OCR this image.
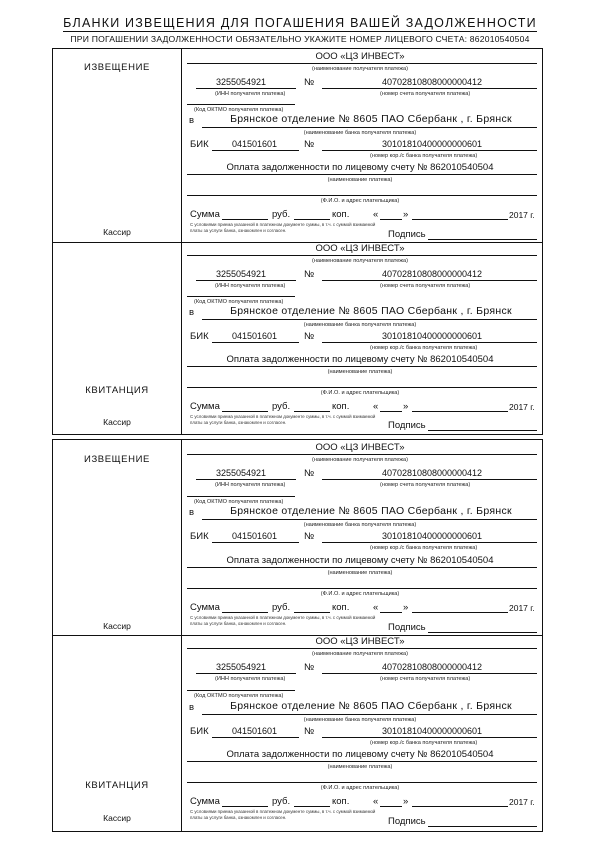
БЛАНКИ ИЗВЕЩЕНИЯ ДЛЯ ПОГАШЕНИЯ ВАШЕЙ ЗАДОЛЖЕННОСТИ
ПРИ ПОГАШЕНИИ ЗАДОЛЖЕННОСТИ ОБЯЗАТЕЛЬНО УКАЖИТЕ НОМЕР ЛИЦЕВОГО СЧЕТА: 862010540504
ИЗВЕЩЕНИЕ
Кассир
ООО «ЦЗ ИНВЕСТ»
(наименование получателя платежа)
3255054921	№	40702810808000000412
(ИНН получателя платежа)	(номер счета получателя платежа)
(Код ОКТМО получателя платежа)
в	Брянское отделение № 8605 ПАО Сбербанк , г. Брянск
(наименование банка получателя платежа)
БИК	041501601	№	30101810400000000601
(номер кор./с банка получателя платежа)
Оплата задолженности по лицевому счету № 862010540504
(наименование платежа)
(Ф.И.О. и адрес плательщика)
Сумма	руб.	коп. «	»	2017 г.
С условиями приема указанной в платежном документе суммы, в т.ч. с суммой взимаемой платы за услуги банка, ознакомлен и согласен.	Подпись
КВИТАНЦИЯ
Кассир
ООО «ЦЗ ИНВЕСТ»
(наименование получателя платежа)
3255054921	№	40702810808000000412
(ИНН получателя платежа)	(номер счета получателя платежа)
(Код ОКТМО получателя платежа)
в	Брянское отделение № 8605 ПАО Сбербанк , г. Брянск
(наименование банка получателя платежа)
БИК	041501601	№	30101810400000000601
(номер кор./с банка получателя платежа)
Оплата задолженности по лицевому счету № 862010540504
(наименование платежа)
(Ф.И.О. и адрес плательщика)
Сумма	руб.	коп. «	»	2017 г.
С условиями приема указанной в платежном документе суммы, в т.ч. с суммой взимаемой платы за услуги банка, ознакомлен и согласен.	Подпись
ИЗВЕЩЕНИЕ
Кассир
ООО «ЦЗ ИНВЕСТ»
(наименование получателя платежа)
3255054921	№	40702810808000000412
(ИНН получателя платежа)	(номер счета получателя платежа)
(Код ОКТМО получателя платежа)
в	Брянское отделение № 8605 ПАО Сбербанк , г. Брянск
(наименование банка получателя платежа)
БИК	041501601	№	30101810400000000601
(номер кор./с банка получателя платежа)
Оплата задолженности по лицевому счету № 862010540504
(наименование платежа)
(Ф.И.О. и адрес плательщика)
Сумма	руб.	коп. «	»	2017 г.
С условиями приема указанной в платежном документе суммы, в т.ч. с суммой взимаемой платы за услуги банка, ознакомлен и согласен.	Подпись
КВИТАНЦИЯ
Кассир
ООО «ЦЗ ИНВЕСТ»
(наименование получателя платежа)
3255054921	№	40702810808000000412
(ИНН получателя платежа)	(номер счета получателя платежа)
(Код ОКТМО получателя платежа)
в	Брянское отделение № 8605 ПАО Сбербанк , г. Брянск
(наименование банка получателя платежа)
БИК	041501601	№	30101810400000000601
(номер кор./с банка получателя платежа)
Оплата задолженности по лицевому счету № 862010540504
(наименование платежа)
(Ф.И.О. и адрес плательщика)
Сумма	руб.	коп. «	»	2017 г.
С условиями приема указанной в платежном документе суммы, в т.ч. с суммой взимаемой платы за услуги банка, ознакомлен и согласен.	Подпись
